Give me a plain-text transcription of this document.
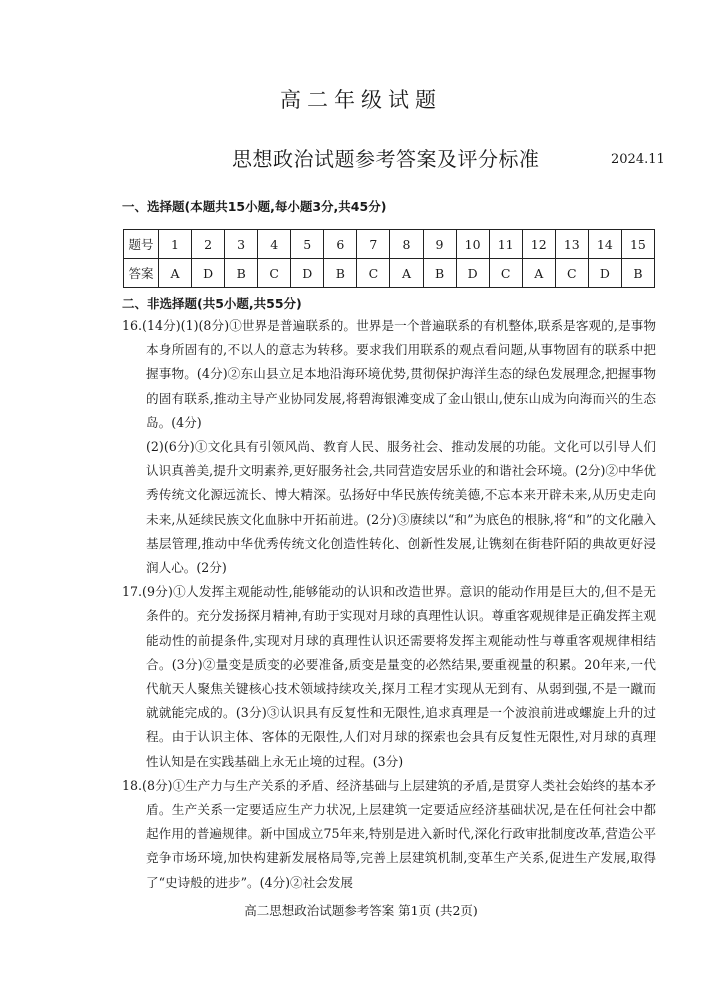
高二年级试题
思想政治试题参考答案及评分标准	2024.11
一、选择题(本题共15小题,每小题3分,共45分)
题号	1	2	3	4	5	6	7	8	9	10	11	12	13	14	15
答案	A	D	B	C	D	B	C	A	B	D	C	A	C	D	B
二、非选择题(共5小题,共55分)

16.(14分)(1)(8分)①世界是普遍联系的。世界是一个普遍联系的有机整体,联系是客观的,是事物本身所固有的,不以人的意志为转移。要求我们用联系的观点看问题,从事物固有的联系中把握事物。(4分)②东山县立足本地沿海环境优势,贯彻保护海洋生态的绿色发展理念,把握事物的固有联系,推动主导产业协同发展,将碧海银滩变成了金山银山,使东山成为向海而兴的生态岛。(4分)

(2)(6分)①文化具有引领风尚、教育人民、服务社会、推动发展的功能。文化可以引导人们认识真善美,提升文明素养,更好服务社会,共同营造安居乐业的和谐社会环境。(2分)②中华优秀传统文化源远流长、博大精深。弘扬好中华民族传统美德,不忘本来开辟未来,从历史走向未来,从延续民族文化血脉中开拓前进。(2分)③赓续以“和”为底色的根脉,将“和”的文化融入基层管理,推动中华优秀传统文化创造性转化、创新性发展,让镌刻在街巷阡陌的典故更好浸润人心。(2分)

17.(9分)①人发挥主观能动性,能够能动的认识和改造世界。意识的能动作用是巨大的,但不是无条件的。充分发扬探月精神,有助于实现对月球的真理性认识。尊重客观规律是正确发挥主观能动性的前提条件,实现对月球的真理性认识还需要将发挥主观能动性与尊重客观规律相结合。(3分)②量变是质变的必要准备,质变是量变的必然结果,要重视量的积累。20年来,一代代航天人聚焦关键核心技术领域持续攻关,探月工程才实现从无到有、从弱到强,不是一蹴而就就能完成的。(3分)③认识具有反复性和无限性,追求真理是一个波浪前进或螺旋上升的过程。由于认识主体、客体的无限性,人们对月球的探索也会具有反复性无限性,对月球的真理性认知是在实践基础上永无止境的过程。(3分)

18.(8分)①生产力与生产关系的矛盾、经济基础与上层建筑的矛盾,是贯穿人类社会始终的基本矛盾。生产关系一定要适应生产力状况,上层建筑一定要适应经济基础状况,是在任何社会中都起作用的普遍规律。新中国成立75年来,特别是进入新时代,深化行政审批制度改革,营造公平竞争市场环境,加快构建新发展格局等,完善上层建筑机制,变革生产关系,促进生产发展,取得了“史诗般的进步”。(4分)②社会发展

高二思想政治试题参考答案 第1页 (共2页)
